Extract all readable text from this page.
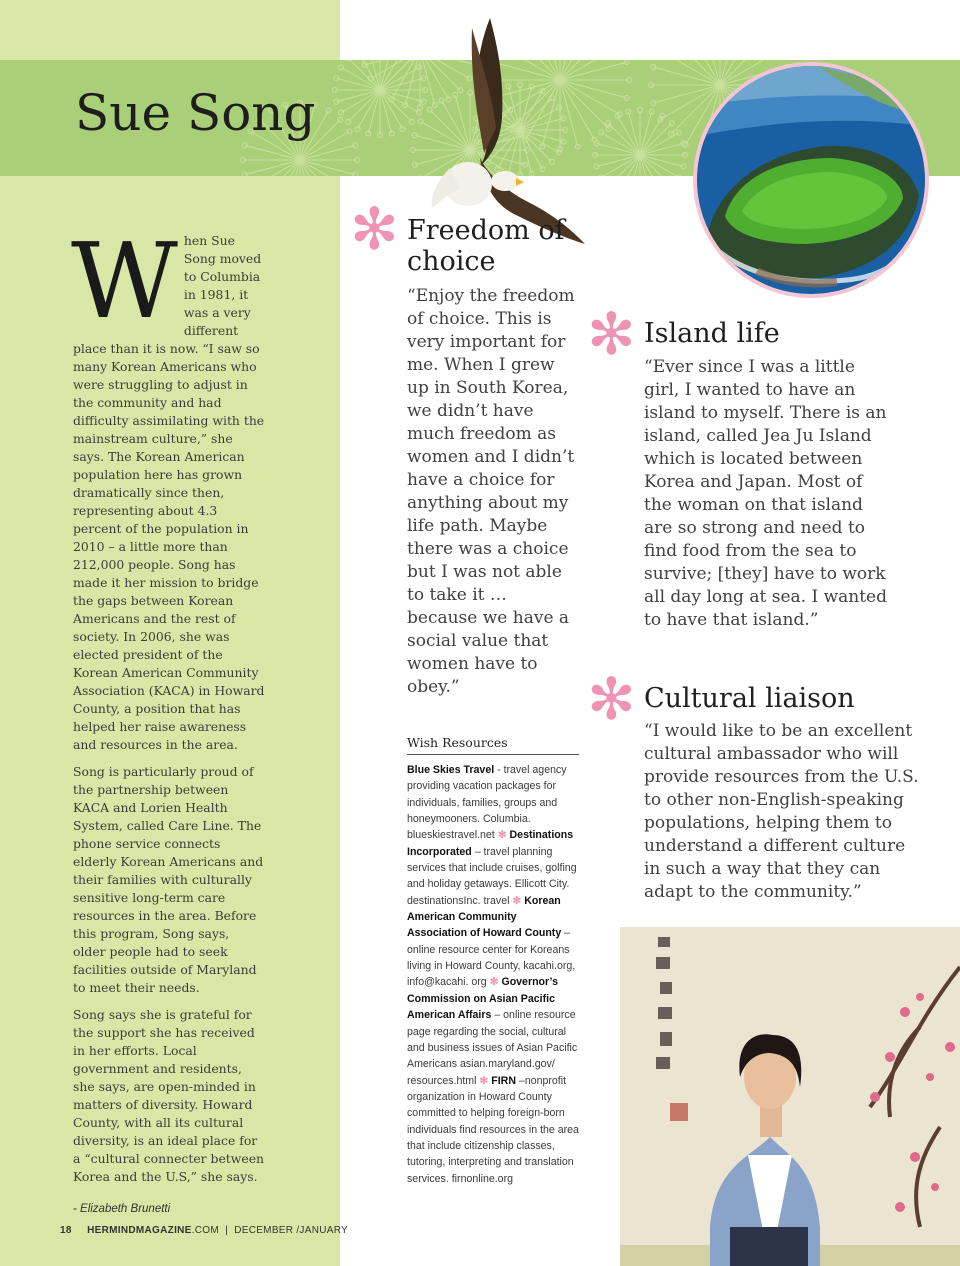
Sue Song
W hen Sue Song moved to Columbia in 1981, it was a very different place than it is now. “I saw so many Korean Americans who were struggling to adjust in the community and had difficulty assimilating with the mainstream culture,” she says. The Korean American population here has grown dramatically since then, representing about 4.3 percent of the population in 2010 – a little more than 212,000 people. Song has made it her mission to bridge the gaps between Korean Americans and the rest of society. In 2006, she was elected president of the Korean American Community Association (KACA) in Howard County, a position that has helped her raise awareness and resources in the area.

Song is particularly proud of the partnership between KACA and Lorien Health System, called Care Line. The phone service connects elderly Korean Americans and their families with culturally sensitive long-term care resources in the area. Before this program, Song says, older people had to seek facilities outside of Maryland to meet their needs.

Song says she is grateful for the support she has received in her efforts. Local government and residents, she says, are open-minded in matters of diversity. Howard County, with all its cultural diversity, is an ideal place for a “cultural connecter between Korea and the U.S,” she says.

- Elizabeth Brunetti
✻ Freedom of choice
“Enjoy the freedom of choice. This is very important for me. When I grew up in South Korea, we didn’t have much freedom as women and I didn’t have a choice for anything about my life path. Maybe there was a choice but I was not able to take it … because we have a social value that women have to obey.”
✻ Island life
“Ever since I was a little girl, I wanted to have an island to myself. There is an island, called Jea Ju Island which is located between Korea and Japan. Most of the woman on that island are so strong and need to find food from the sea to survive; [they] have to work all day long at sea. I wanted to have that island.”
✻ Cultural liaison
“I would like to be an excellent cultural ambassador who will provide resources from the U.S. to other non-English-speaking populations, helping them to understand a different culture in such a way that they can adapt to the community.”
Wish Resources
Blue Skies Travel - travel agency providing vacation packages for individuals, families, groups and honeymooners. Columbia. blueskiestravel.net ✻ Destinations Incorporated – travel planning services that include cruises, golfing and holiday getaways. Ellicott City. destinationsInc. travel ✻ Korean American Community Association of Howard County – online resource center for Koreans living in Howard County, kacahi.org, info@kacahi. org ✻ Governor’s Commission on Asian Pacific American Affairs – online resource page regarding the social, cultural and business issues of Asian Pacific Americans asian.maryland.gov/ resources.html ✻ FIRN –nonprofit organization in Howard County committed to helping foreign-born individuals find resources in the area that include citizenship classes, tutoring, interpreting and translation services. firnonline.org
18 HERMINDMAGAZINE.COM | DECEMBER /JANUARY
